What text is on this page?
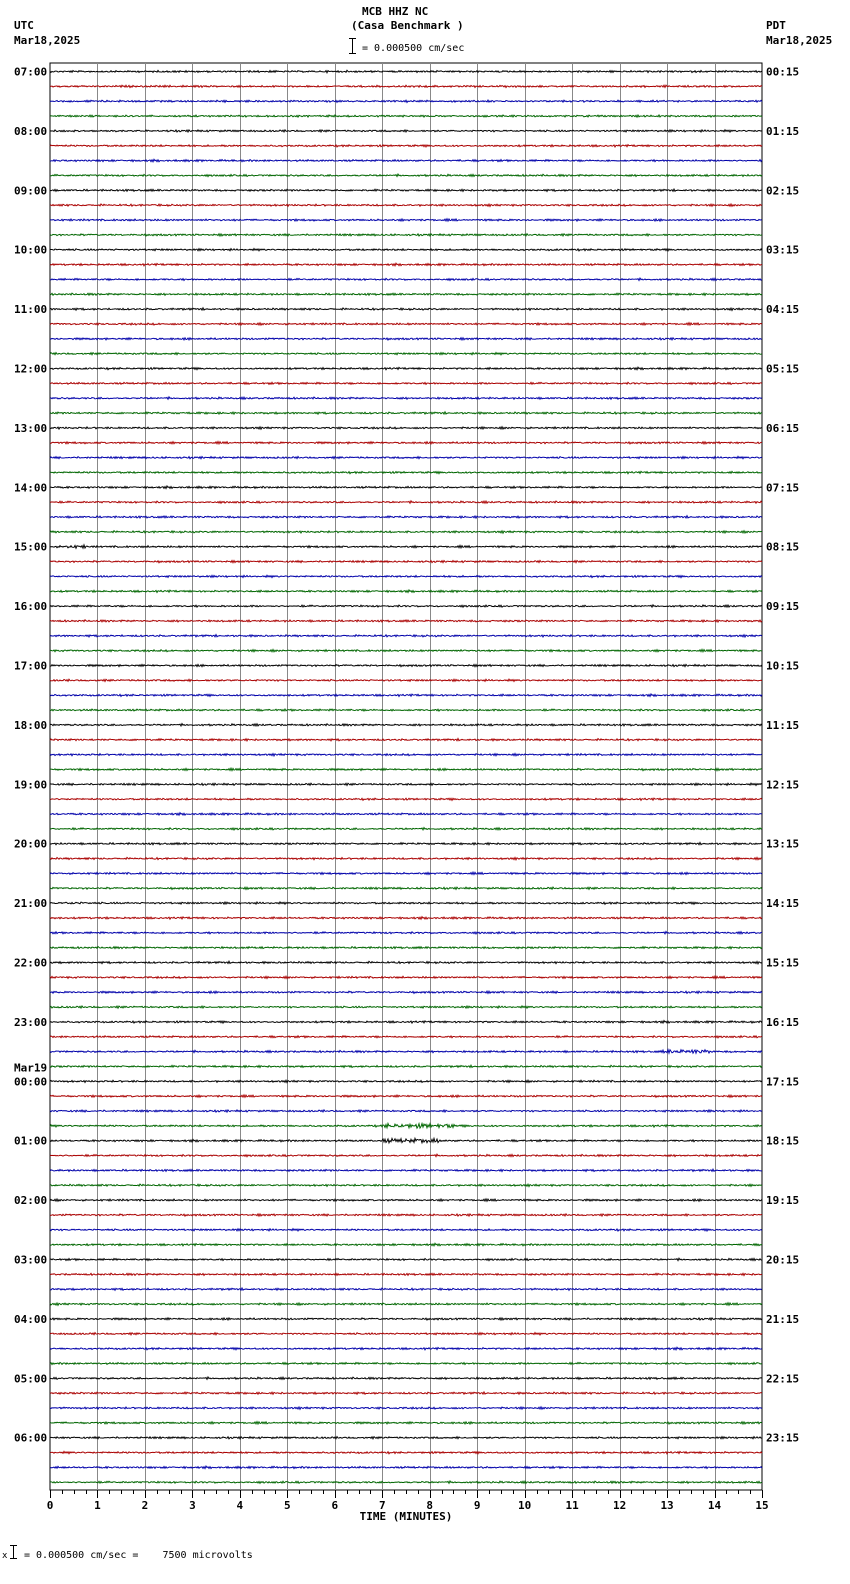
MCB HHZ NC
(Casa Benchmark )
= 0.000500 cm/sec
UTC
Mar18,2025
PDT
Mar18,2025
07:00
08:00
09:00
10:00
11:00
12:00
13:00
14:00
15:00
16:00
17:00
18:00
19:00
20:00
21:00
22:00
23:00
00:00
01:00
02:00
03:00
04:00
05:00
06:00
00:15
01:15
02:15
03:15
04:15
05:15
06:15
07:15
08:15
09:15
10:15
11:15
12:15
13:15
14:15
15:15
16:15
17:15
18:15
19:15
20:15
21:15
22:15
23:15
Mar19
0	1	2	3	4	5	6	7	8	9	10	11	12	13	14	15
TIME (MINUTES)
x = 0.000500 cm/sec =    7500 microvolts
